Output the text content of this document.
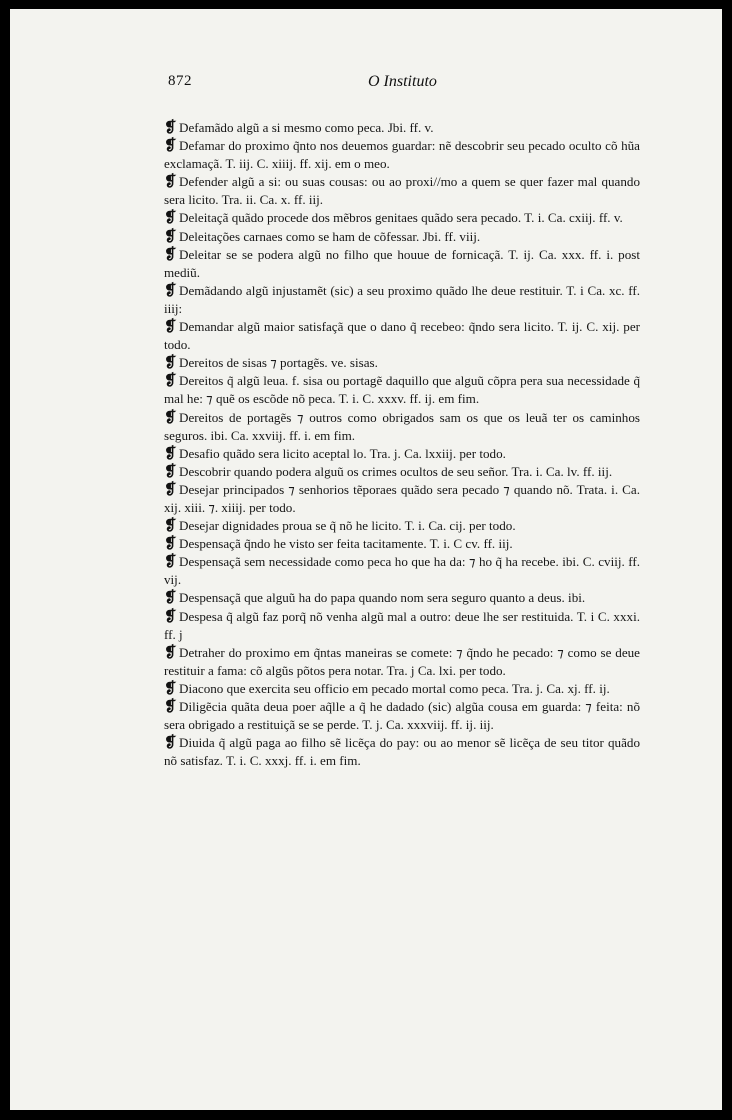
872	O Instituto

❡ Defamãdo algũ a si mesmo como peca. Jbi. ff. v.

❡ Defamar do proximo q̃nto nos deuemos guardar: nẽ descobrir seu pecado oculto cõ hũa exclamaçã. T. iij. C. xiiij. ff. xij. em o meo.

❡ Defender algũ a si: ou suas cousas: ou ao proxi//mo a quem se quer fazer mal quando sera licito. Tra. ii. Ca. x. ff. iij.

❡ Deleitaçã quãdo procede dos mẽbros genitaes quãdo sera pecado. T. i. Ca. cxiij. ff. v.

❡ Deleitações carnaes como se ham de cõfessar. Jbi. ff. viij.

❡ Deleitar se se podera algũ no filho que houue de fornicaçã. T. ij. Ca. xxx. ff. i. post mediũ.

❡ Demãdando algũ injustamẽt (sic) a seu proximo quãdo lhe deue restituir. T. i Ca. xc. ff. iiij:

❡ Demandar algũ maior satisfaçã que o dano q̃ recebeo: q̃ndo sera licito. T. ij. C. xij. per todo.

❡ Dereitos de sisas ⁊ portagẽs. ve. sisas.

❡ Dereitos q̃ algũ leua. f. sisa ou portagẽ daquillo que alguũ cõpra pera sua necessidade q̃ mal he: ⁊ quẽ os escõde nõ peca. T. i. C. xxxv. ff. ij. em fim.

❡ Dereitos de portagẽs ⁊ outros como obrigados sam os que os leuã ter os caminhos seguros. ibi. Ca. xxviij. ff. i. em fim.

❡ Desafio quãdo sera licito aceptal lo. Tra. j. Ca. lxxiij. per todo.

❡ Descobrir quando podera alguũ os crimes ocultos de seu señor. Tra. i. Ca. lv. ff. iij.

❡ Desejar principados ⁊ senhorios tẽporaes quãdo sera pecado ⁊ quando nõ. Trata. i. Ca. xij. xiii. ⁊. xiiij. per todo.

❡ Desejar dignidades proua se q̃ nõ he licito. T. i. Ca. cij. per todo.

❡ Despensaçã q̃ndo he visto ser feita tacitamente. T. i. C cv. ff. iij.

❡ Despensaçã sem necessidade como peca ho que ha da: ⁊ ho q̃ ha recebe. ibi. C. cviij. ff. vij.

❡ Despensaçã que alguũ ha do papa quando nom sera seguro quanto a deus. ibi.

❡ Despesa q̃ algũ faz porq̃ nõ venha algũ mal a outro: deue lhe ser restituida. T. i C. xxxi. ff. j

❡ Detraher do proximo em q̃ntas maneiras se comete: ⁊ q̃ndo he pecado: ⁊ como se deue restituir a fama: cõ algũs põtos pera notar. Tra. j Ca. lxi. per todo.

❡ Diacono que exercita seu officio em pecado mortal como peca. Tra. j. Ca. xj. ff. ij.

❡ Diligẽcia quãta deua poer aq̃lle a q̃ he dadado (sic) algũa cousa em guarda: ⁊ feita: nõ sera obrigado a restituiçã se se perde. T. j. Ca. xxxviij. ff. ij. iij.

❡ Diuida q̃ algũ paga ao filho sẽ licẽça do pay: ou ao menor sẽ licẽça de seu titor quãdo nõ satisfaz. T. i. C. xxxj. ff. i. em fim.
